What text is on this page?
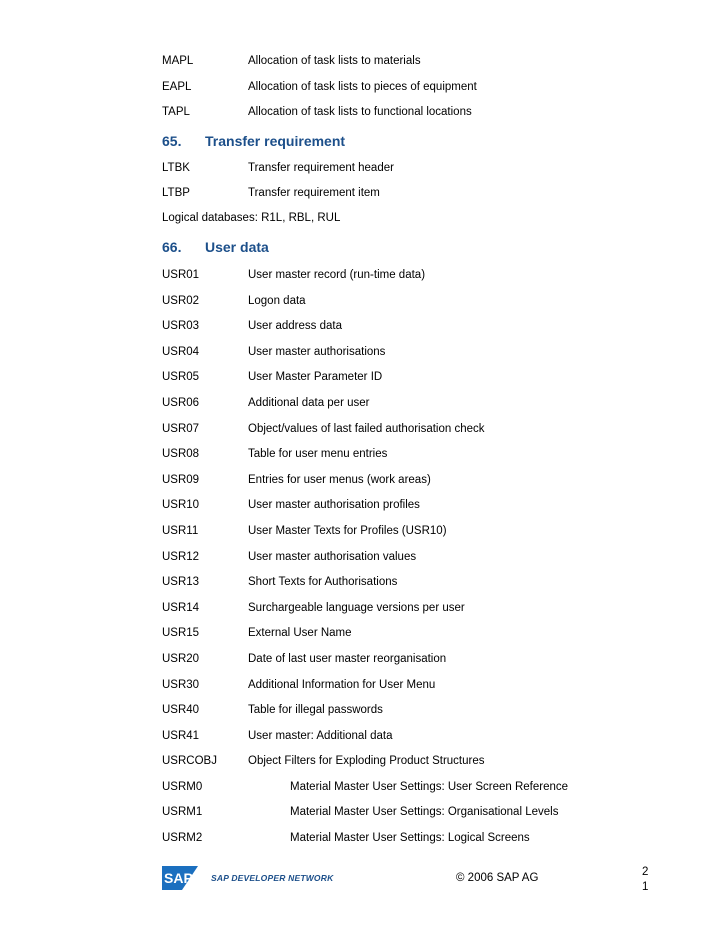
MAPL	Allocation of task lists to materials
EAPL	Allocation of task lists to pieces of equipment
TAPL	Allocation of task lists to functional locations
65. Transfer requirement
LTBK	Transfer requirement header
LTBP	Transfer requirement item
Logical databases: R1L, RBL, RUL
66. User data
USR01	User master record (run-time data)
USR02	Logon data
USR03	User address data
USR04	User master authorisations
USR05	User Master Parameter ID
USR06	Additional data per user
USR07	Object/values of last failed authorisation check
USR08	Table for user menu entries
USR09	Entries for user menus (work areas)
USR10	User master authorisation profiles
USR11	User Master Texts for Profiles (USR10)
USR12	User master authorisation values
USR13	Short Texts for Authorisations
USR14	Surchargeable language versions per user
USR15	External User Name
USR20	Date of last user master reorganisation
USR30	Additional Information for User Menu
USR40	Table for illegal passwords
USR41	User master: Additional data
USRCOBJ	Object Filters for Exploding Product Structures
USRM0	Material Master User Settings: User Screen Reference
USRM1	Material Master User Settings: Organisational Levels
USRM2	Material Master User Settings: Logical Screens
SAP SAP DEVELOPER NETWORK	© 2006 SAP AG	2
1
